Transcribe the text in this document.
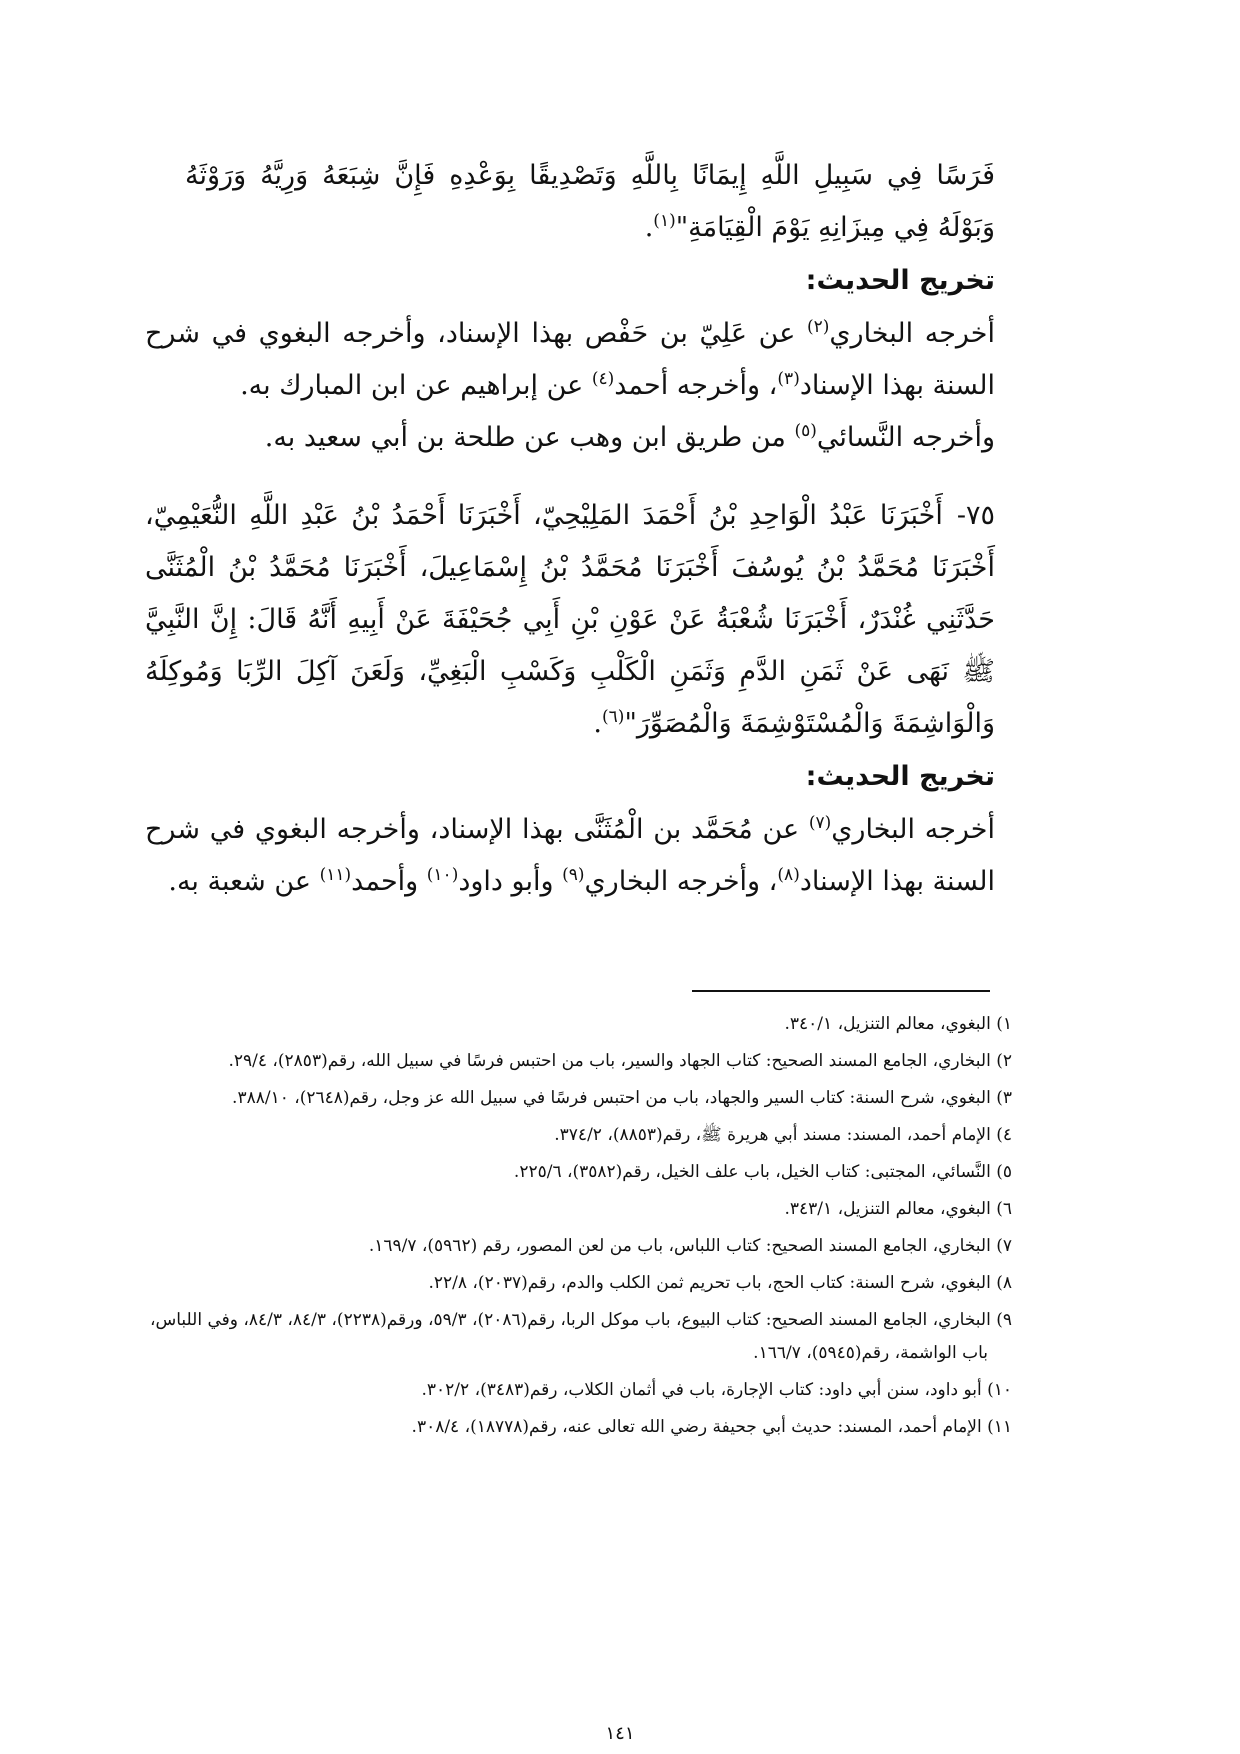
فَرَسًا فِي سَبِيلِ اللَّهِ إِيمَانًا بِاللَّهِ وَتَصْدِيقًا بِوَعْدِهِ فَإِنَّ شِبَعَهُ وَرِيَّهُ وَرَوْثَهُ وَبَوْلَهُ فِي مِيزَانِهِ يَوْمَ الْقِيَامَةِ"$^{(١)}$.

تخريج الحديث:

أخرجه البخاري$^{(٢)}$ عن عَلِيّ بن حَفْص بهذا الإسناد، وأخرجه البغوي في شرح السنة بهذا الإسناد$^{(٣)}$، وأخرجه أحمد$^{(٤)}$ عن إبراهيم عن ابن المبارك به.

وأخرجه النَّسائي$^{(٥)}$ من طريق ابن وهب عن طلحة بن أبي سعيد به.

٧٥-أَخْبَرَنَا عَبْدُ الْوَاحِدِ بْنُ أَحْمَدَ المَلِيْحِيّ، أَخْبَرَنَا أَحْمَدُ بْنُ عَبْدِ اللَّهِ النُّعَيْمِيّ، أَخْبَرَنَا مُحَمَّدُ بْنُ يُوسُفَ أَخْبَرَنَا مُحَمَّدُ بْنُ إِسْمَاعِيلَ، أَخْبَرَنَا مُحَمَّدُ بْنُ الْمُثَنَّى حَدَّثَنِي غُنْدَرٌ، أَخْبَرَنَا شُعْبَةُ عَنْ عَوْنِ بْنِ أَبِي جُحَيْفَةَ عَنْ أَبِيهِ أَنَّهُ قَالَ: إِنَّ النَّبِيَّ ﷺ نَهَى عَنْ ثَمَنِ الدَّمِ وَثَمَنِ الْكَلْبِ وَكَسْبِ الْبَغِيِّ، وَلَعَنَ آكِلَ الرِّبَا وَمُوكِلَهُ وَالْوَاشِمَةَ وَالْمُسْتَوْشِمَةَ وَالْمُصَوِّرَ"$^{(٦)}$.

تخريج الحديث:

أخرجه البخاري$^{(٧)}$ عن مُحَمَّد بن الْمُثَنَّى بهذا الإسناد، وأخرجه البغوي في شرح السنة بهذا الإسناد$^{(٨)}$، وأخرجه البخاري$^{(٩)}$ وأبو داود$^{(١٠)}$ وأحمد$^{(١١)}$ عن شعبة به.

١) البغوي، معالم التنزيل، ٣٤٠/١.

٢) البخاري، الجامع المسند الصحيح: كتاب الجهاد والسير، باب من احتبس فرسًا في سبيل الله، رقم(٢٨٥٣)، ٢٩/٤.

٣) البغوي، شرح السنة: كتاب السير والجهاد، باب من احتبس فرسًا في سبيل الله عز وجل، رقم(٢٦٤٨)، ٣٨٨/١٠.

٤) الإمام أحمد، المسند: مسند أبي هريرة ﷺ، رقم(٨٨٥٣)، ٣٧٤/٢.

٥) النَّسائي، المجتبى: كتاب الخيل، باب علف الخيل، رقم(٣٥٨٢)، ٢٢٥/٦.

٦) البغوي، معالم التنزيل، ٣٤٣/١.

٧) البخاري، الجامع المسند الصحيح: كتاب اللباس، باب من لعن المصور، رقم (٥٩٦٢)، ١٦٩/٧.

٨) البغوي، شرح السنة: كتاب الحج، باب تحريم ثمن الكلب والدم، رقم(٢٠٣٧)، ٢٢/٨.

٩) البخاري، الجامع المسند الصحيح: كتاب البيوع، باب موكل الربا، رقم(٢٠٨٦)، ٥٩/٣، ورقم(٢٢٣٨)، ٨٤/٣، ٨٤/٣، وفي اللباس، باب الواشمة، رقم(٥٩٤٥)، ١٦٦/٧.

١٠) أبو داود، سنن أبي داود: كتاب الإجارة، باب في أثمان الكلاب، رقم(٣٤٨٣)، ٣٠٢/٢.

١١) الإمام أحمد، المسند: حديث أبي جحيفة رضي الله تعالى عنه، رقم(١٨٧٧٨)، ٣٠٨/٤.

١٤١
